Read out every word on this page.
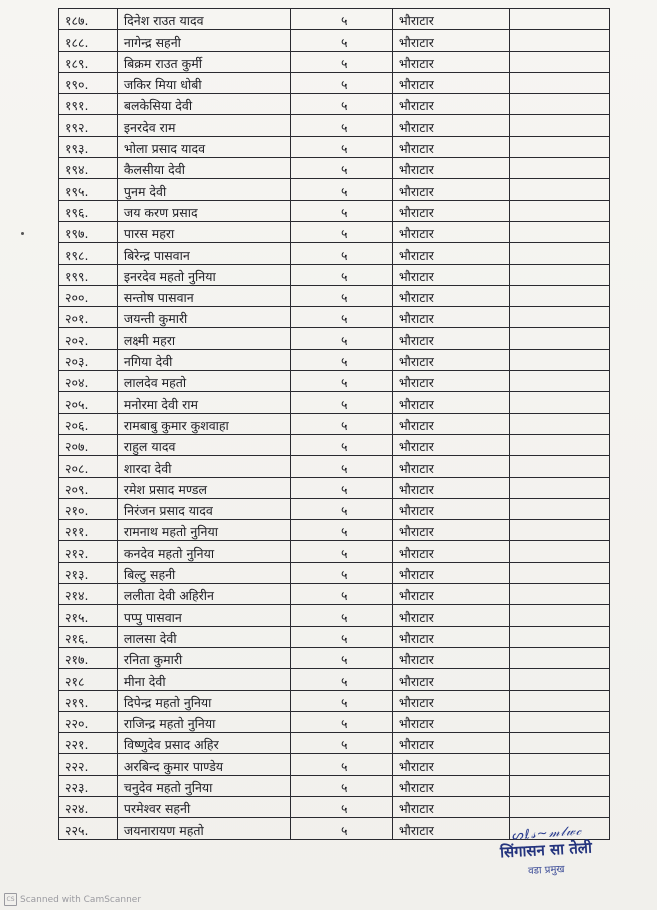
१८७.	दिनेश राउत यादव	५	भौराटार	
१८८.	नागेन्द्र सहनी	५	भौराटार	
१८९.	बिक्रम राउत कुर्मी	५	भौराटार	
१९०.	जकिर मिया धोबी	५	भौराटार	
१९१.	बलकेसिया देवी	५	भौराटार	
१९२.	इनरदेव राम	५	भौराटार	
१९३.	भोला प्रसाद यादव	५	भौराटार	
१९४.	कैलसीया देवी	५	भौराटार	
१९५.	पुनम देवी	५	भौराटार	
१९६.	जय करण प्रसाद	५	भौराटार	
१९७.	पारस महरा	५	भौराटार	
१९८.	बिरेन्द्र पासवान	५	भौराटार	
१९९.	इनरदेव महतो नुनिया	५	भौराटार	
२००.	सन्तोष पासवान	५	भौराटार	
२०१.	जयन्ती कुमारी	५	भौराटार	
२०२.	लक्ष्मी महरा	५	भौराटार	
२०३.	नगिया देवी	५	भौराटार	
२०४.	लालदेव महतो	५	भौराटार	
२०५.	मनोरमा देवी राम	५	भौराटार	
२०६.	रामबाबु कुमार कुशवाहा	५	भौराटार	
२०७.	राहुल यादव	५	भौराटार	
२०८.	शारदा देवी	५	भौराटार	
२०९.	रमेश प्रसाद मण्डल	५	भौराटार	
२१०.	निरंजन प्रसाद यादव	५	भौराटार	
२११.	रामनाथ महतो नुनिया	५	भौराटार	
२१२.	कनदेव महतो नुनिया	५	भौराटार	
२१३.	बिल्टु सहनी	५	भौराटार	
२१४.	ललीता देवी अहिरीन	५	भौराटार	
२१५.	पप्पु पासवान	५	भौराटार	
२१६.	लालसा देवी	५	भौराटार	
२१७.	रनिता कुमारी	५	भौराटार	
२१८	मीना देवी	५	भौराटार	
२१९.	दिपेन्द्र महतो नुनिया	५	भौराटार	
२२०.	राजिन्द्र महतो नुनिया	५	भौराटार	
२२१.	विष्णुदेव प्रसाद अहिर	५	भौराटार	
२२२.	अरबिन्द कुमार पाण्डेय	५	भौराटार	
२२३.	चनुदेव महतो नुनिया	५	भौराटार	
२२४.	परमेश्वर सहनी	५	भौराटार	
२२५.	जयनारायण महतो	५	भौराटार		ᔕℓ𝓈~𝓂𝓁𝓌𝒸
सिंगासन सा तेली
वडा प्रमुख
CS Scanned with CamScanner
